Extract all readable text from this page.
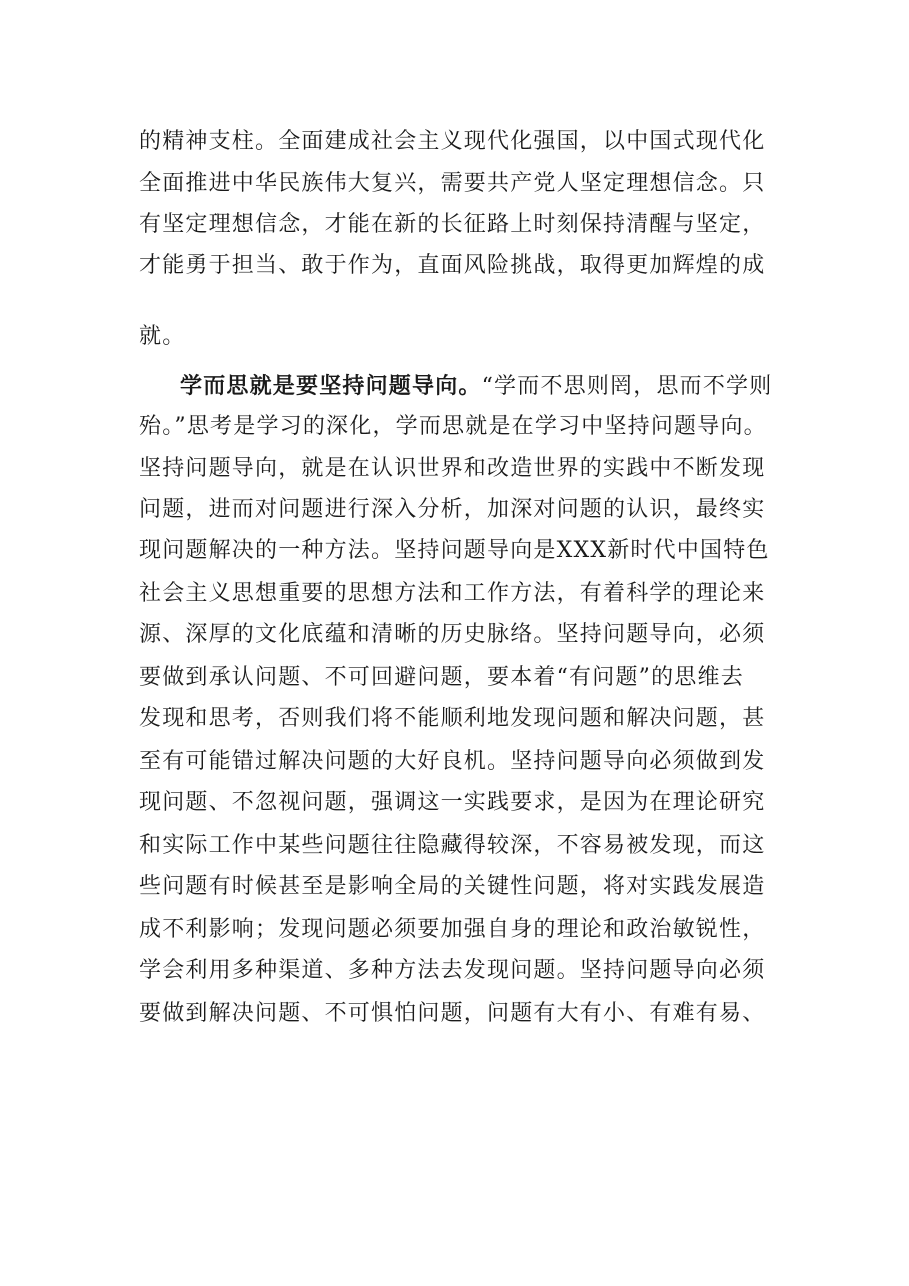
的精神支柱。全面建成社会主义现代化强国，以中国式现代化
全面推进中华民族伟大复兴，需要共产党人坚定理想信念。只
有坚定理想信念，才能在新的长征路上时刻保持清醒与坚定，
才能勇于担当、敢于作为，直面风险挑战，取得更加辉煌的成
就。
学而思就是要坚持问题导向。“学而不思则罔，思而不学则
殆。”思考是学习的深化，学而思就是在学习中坚持问题导向。
坚持问题导向，就是在认识世界和改造世界的实践中不断发现
问题，进而对问题进行深入分析，加深对问题的认识，最终实
现问题解决的一种方法。坚持问题导向是XXX新时代中国特色
社会主义思想重要的思想方法和工作方法，有着科学的理论来
源、深厚的文化底蕴和清晰的历史脉络。坚持问题导向，必须
要做到承认问题、不可回避问题，要本着“有问题”的思维去
发现和思考，否则我们将不能顺利地发现问题和解决问题，甚
至有可能错过解决问题的大好良机。坚持问题导向必须做到发
现问题、不忽视问题，强调这一实践要求，是因为在理论研究
和实际工作中某些问题往往隐藏得较深，不容易被发现，而这
些问题有时候甚至是影响全局的关键性问题，将对实践发展造
成不利影响；发现问题必须要加强自身的理论和政治敏锐性，
学会利用多种渠道、多种方法去发现问题。坚持问题导向必须
要做到解决问题、不可惧怕问题，问题有大有小、有难有易、
